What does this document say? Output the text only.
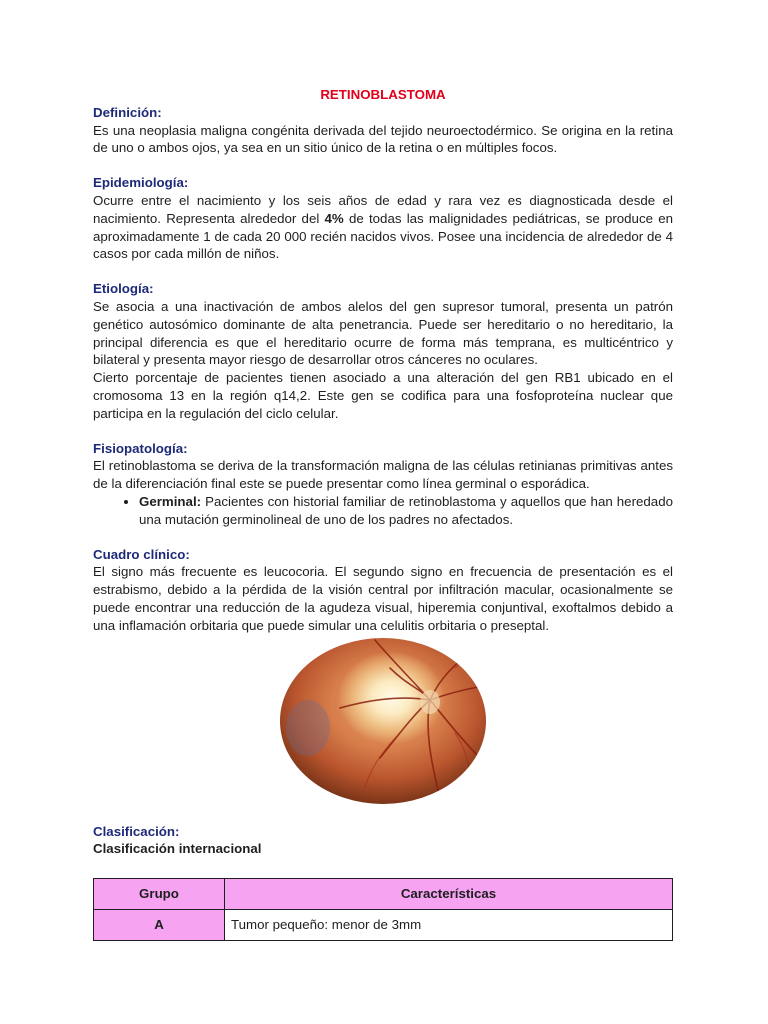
RETINOBLASTOMA

Definición:

Es una neoplasia maligna congénita derivada del tejido neuroectodérmico. Se origina en la retina de uno o ambos ojos, ya sea en un sitio único de la retina o en múltiples focos.

Epidemiología:

Ocurre entre el nacimiento y los seis años de edad y rara vez es diagnosticada desde el nacimiento. Representa alrededor del 4% de todas las malignidades pediátricas, se produce en aproximadamente 1 de cada 20 000 recién nacidos vivos. Posee una incidencia de alrededor de 4 casos por cada millón de niños.

Etiología:

Se asocia a una inactivación de ambos alelos del gen supresor tumoral, presenta un patrón genético autosómico dominante de alta penetrancia. Puede ser hereditario o no hereditario, la principal diferencia es que el hereditario ocurre de forma más temprana, es multicéntrico y bilateral y presenta mayor riesgo de desarrollar otros cánceres no oculares.

Cierto porcentaje de pacientes tienen asociado a una alteración del gen RB1 ubicado en el cromosoma 13 en la región q14,2. Este gen se codifica para una fosfoproteína nuclear que participa en la regulación del ciclo celular.

Fisiopatología:

El retinoblastoma se deriva de la transformación maligna de las células retinianas primitivas antes de la diferenciación final este se puede presentar como línea germinal o esporádica.

• Germinal: Pacientes con historial familiar de retinoblastoma y aquellos que han heredado una mutación germinolineal de uno de los padres no afectados.

Cuadro clínico:

El signo más frecuente es leucocoria. El segundo signo en frecuencia de presentación es el estrabismo, debido a la pérdida de la visión central por infiltración macular, ocasionalmente se puede encontrar una reducción de la agudeza visual, hiperemia conjuntival, exoftalmos debido a una inflamación orbitaria que puede simular una celulitis orbitaria o preseptal.

Clasificación:

Clasificación internacional

Grupo	Características
A	Tumor pequeño: menor de 3mm
